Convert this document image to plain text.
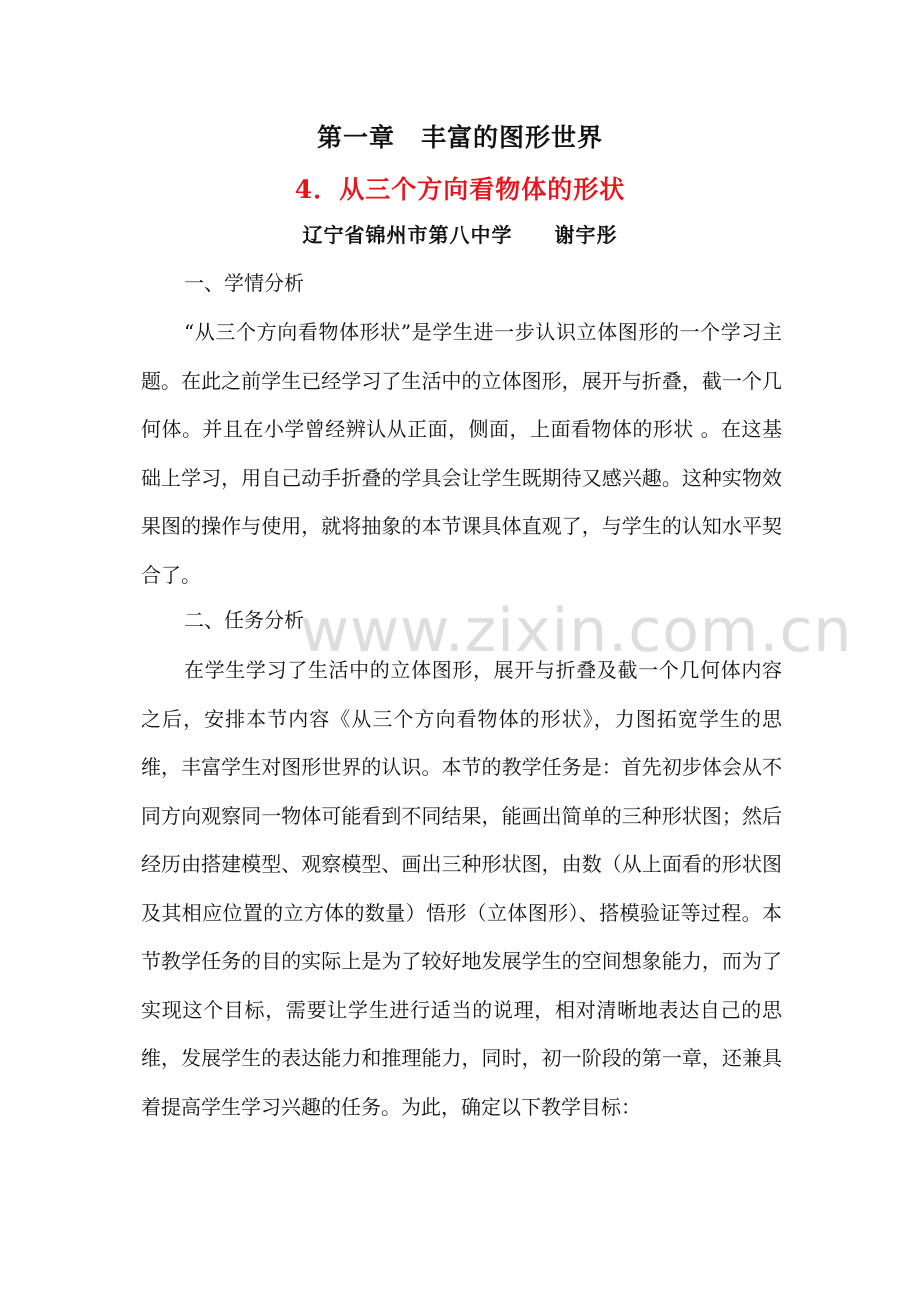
第一章　丰富的图形世界
4．从三个方向看物体的形状
辽宁省锦州市第八中学 谢宇彤
一、学情分析

“从三个方向看物体形状”是学生进一步认识立体图形的一个学习主题。在此之前学生已经学习了生活中的立体图形，展开与折叠，截一个几何体。并且在小学曾经辨认从正面，侧面，上面看物体的形状 。在这基础上学习，用自己动手折叠的学具会让学生既期待又感兴趣。这种实物效果图的操作与使用，就将抽象的本节课具体直观了，与学生的认知水平契合了。

二、任务分析

在学生学习了生活中的立体图形，展开与折叠及截一个几何体内容之后，安排本节内容《从三个方向看物体的形状》，力图拓宽学生的思维，丰富学生对图形世界的认识。本节的教学任务是：首先初步体会从不同方向观察同一物体可能看到不同结果，能画出简单的三种形状图；然后经历由搭建模型、观察模型、画出三种形状图，由数（从上面看的形状图及其相应位置的立方体的数量）悟形（立体图形）、搭模验证等过程。本节教学任务的目的实际上是为了较好地发展学生的空间想象能力，而为了实现这个目标，需要让学生进行适当的说理，相对清晰地表达自己的思维，发展学生的表达能力和推理能力，同时，初一阶段的第一章，还兼具着提高学生学习兴趣的任务。为此，确定以下教学目标：

www.zixin.com.cn
